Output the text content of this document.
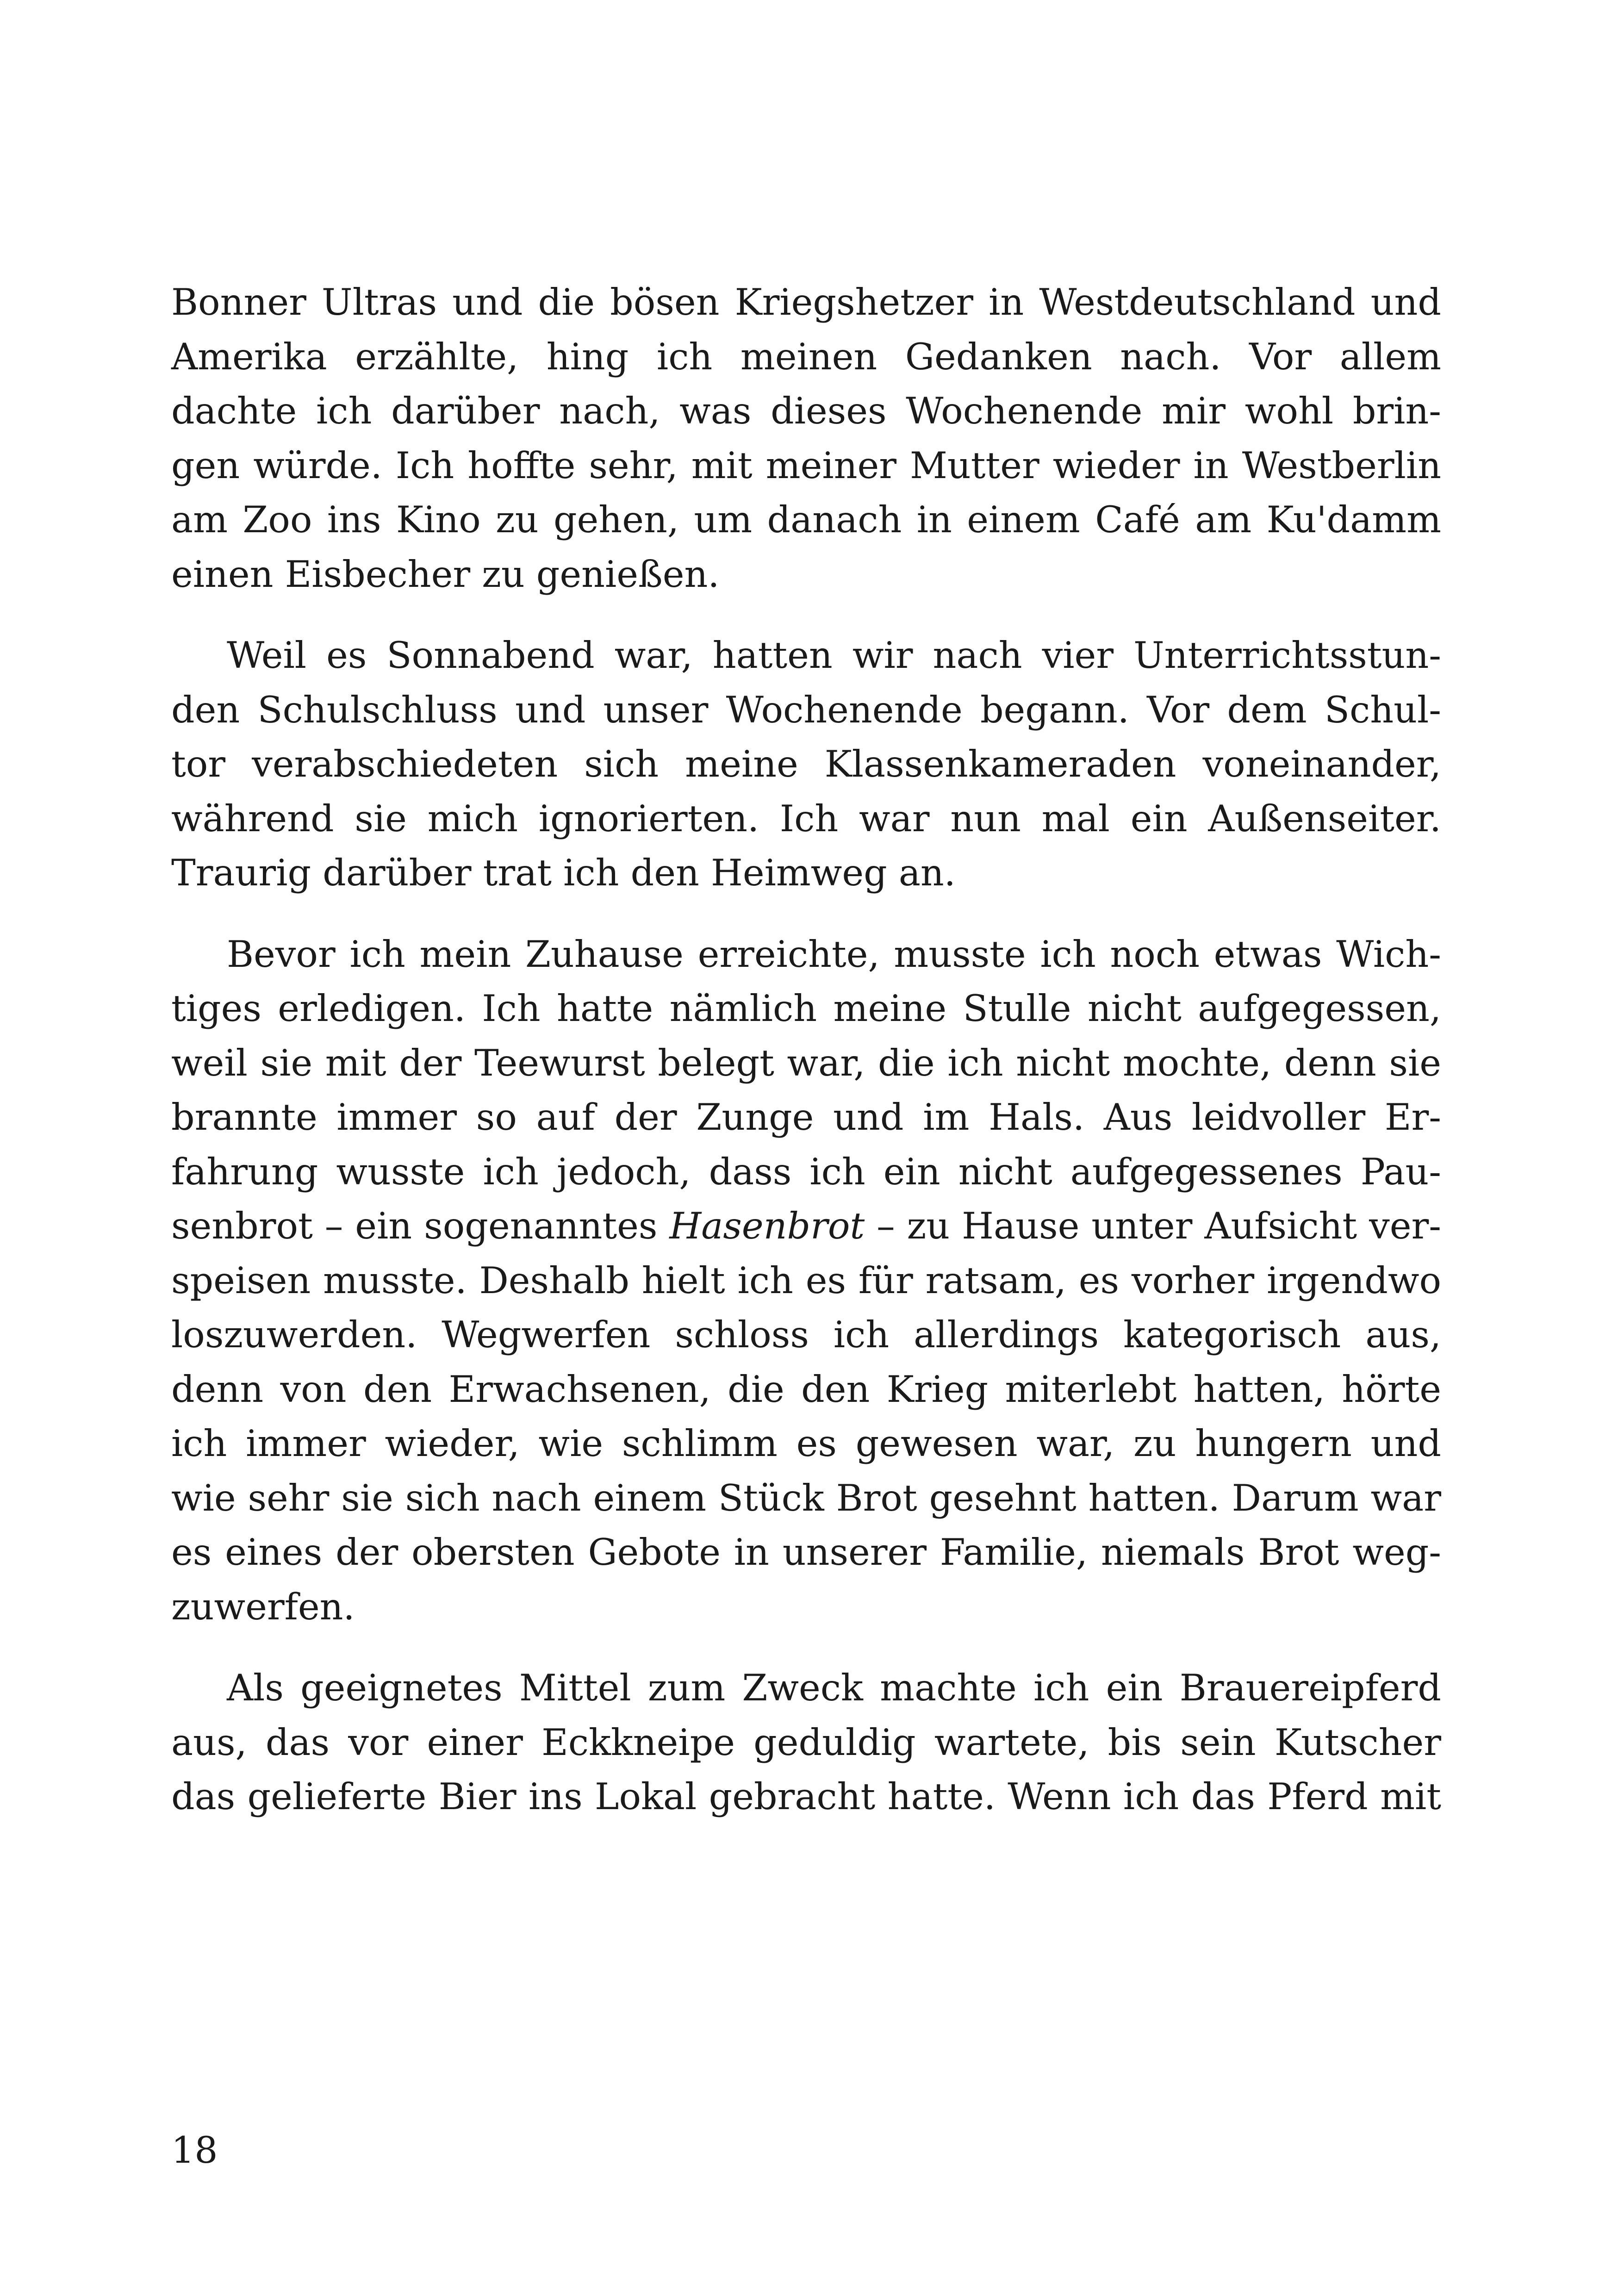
Bonner Ultras und die bösen Kriegshetzer in Westdeutschland und
Amerika erzählte, hing ich meinen Gedanken nach. Vor allem
dachte ich darüber nach, was dieses Wochenende mir wohl brin-
gen würde. Ich hoffte sehr, mit meiner Mutter wieder in Westberlin
am Zoo ins Kino zu gehen, um danach in einem Café am Ku'damm
einen Eisbecher zu genießen.

Weil es Sonnabend war, hatten wir nach vier Unterrichtsstun-
den Schulschluss und unser Wochenende begann. Vor dem Schul-
tor verabschiedeten sich meine Klassenkameraden voneinander,
während sie mich ignorierten. Ich war nun mal ein Außenseiter.
Traurig darüber trat ich den Heimweg an.

Bevor ich mein Zuhause erreichte, musste ich noch etwas Wich-
tiges erledigen. Ich hatte nämlich meine Stulle nicht aufgegessen,
weil sie mit der Teewurst belegt war, die ich nicht mochte, denn sie
brannte immer so auf der Zunge und im Hals. Aus leidvoller Er-
fahrung wusste ich jedoch, dass ich ein nicht aufgegessenes Pau-
senbrot – ein sogenanntes Hasenbrot – zu Hause unter Aufsicht ver-
speisen musste. Deshalb hielt ich es für ratsam, es vorher irgendwo
loszuwerden. Wegwerfen schloss ich allerdings kategorisch aus,
denn von den Erwachsenen, die den Krieg miterlebt hatten, hörte
ich immer wieder, wie schlimm es gewesen war, zu hungern und
wie sehr sie sich nach einem Stück Brot gesehnt hatten. Darum war
es eines der obersten Gebote in unserer Familie, niemals Brot weg-
zuwerfen.

Als geeignetes Mittel zum Zweck machte ich ein Brauereipferd
aus, das vor einer Eckkneipe geduldig wartete, bis sein Kutscher
das gelieferte Bier ins Lokal gebracht hatte. Wenn ich das Pferd mit

18
